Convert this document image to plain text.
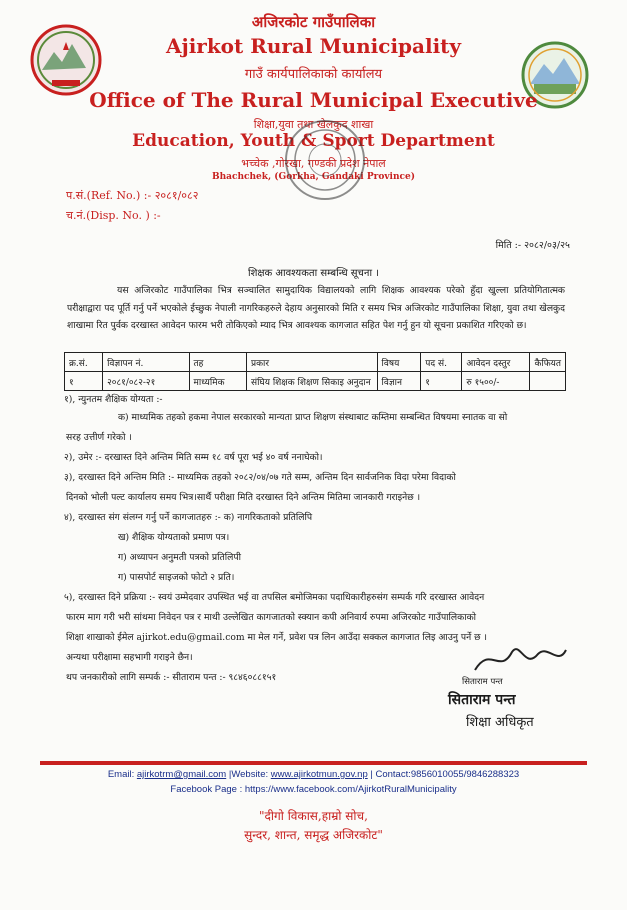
अजिरकोट गाउँपालिका
Ajirkot Rural Municipality
गाउँ कार्यपालिकाको कार्यालय
Office of The Rural Municipal Executive
शिक्षा,युवा तथा खेलकुद शाखा
Education, Youth & Sport Department
भच्चेक ,गोरखा, गण्डकी प्रदेश नेपाल
Bhachchek, (Gorkha, Gandaki Province)
प.सं.(Ref. No.) :- २०८१/०८२
च.नं.(Disp. No. ) :-
मिति :- २०८२/०३/२५
शिक्षक आवश्यकता सम्बन्धि सूचना ।
यस अजिरकोट गाउँपालिका भित्र सञ्चालित सामुदायिक विद्यालयको लागि शिक्षक आवश्यक परेको हुँदा खुल्ला प्रतियोगितात्मक परीक्षाद्वारा पद पूर्ति गर्नु पर्ने भएकोले ईच्छुक नेपाली नागरिकहरुले देहाय अनुसारको मिति र समय भित्र अजिरकोट गाउँपालिका शिक्षा, युवा तथा खेलकुद शाखामा रित पुर्वक दरखास्त आवेदन फारम भरी तोकिएको म्याद भित्र आवश्यक कागजात सहित पेश गर्नु हुन यो सूचना प्रकाशित गरिएको छ।
क्र.सं.	विज्ञापन नं.	तह	प्रकार	विषय	पद सं.	आवेदन दस्तुर	कैफियत
१	२०८१/०८२-२१	माध्यमिक	संघिय शिक्षक शिक्षण सिकाइ अनुदान	विज्ञान	१	रु १५००/-	
१), न्युनतम शैक्षिक योग्यता :-
क) माध्यमिक तहको हकमा नेपाल सरकारको मान्यता प्राप्त शिक्षण संस्थाबाट कम्तिमा सम्बन्धित विषयमा स्नातक वा सो
सरह उत्तीर्ण गरेको ।
२), उमेर :- दरखास्त दिने अन्तिम मिति सम्म १८ वर्ष पूरा भई ४० वर्ष ननाघेको।
३), दरखास्त दिने अन्तिम मिति :- माध्यमिक तहको २०८२/०४/०७ गते सम्म, अन्तिम दिन सार्वजनिक विदा परेमा विदाको
दिनको भोली पल्ट कार्यालय समय भित्र।सार्थै परीक्षा मिति दरखास्त दिने अन्तिम मितिमा जानकारी गराइनेछ ।
४), दरखास्त संग संलग्न गर्नु पर्ने कागजातहरु :- क) नागरिकताको प्रतिलिपि
ख) शैक्षिक योग्यताको प्रमाण पत्र।
ग) अध्यापन अनुमती पत्रको प्रतिलिपी
ग) पासपोर्ट साइजको फोटो २ प्रति।
५), दरखास्त दिने प्रक्रिया :- स्वयं उम्मेदवार उपस्थित भई वा तपसिल बमोजिमका पदाधिकारीहरुसंग सम्पर्क गरि दरखास्त आवेदन
फारम माग गरी भरी सांथमा निवेदन पत्र र माथी उल्लेखित कागजातको स्क्यान कपी अनिवार्य रुपमा अजिरकोट गाउँपालिकाको
शिक्षा शाखाको ईमेल ajirkot.edu@gmail.com मा मेल गर्ने, प्रवेश पत्र लिन आउँदा सक्कल कागजात लिइ आउनु पर्ने छ ।
अन्यथा परीक्षामा सहभागी गराइने छैन।
थप जनकारीको लागि सम्पर्क :- सीताराम पन्त :- ९८४६०८८१५१	सिताराम पन्त
सिताराम पन्त
शिक्षा अधिकृत
Email: ajirkotrm@gmail.com |Website: www.ajirkotmun.gov.np | Contact:9856010055/9846288323
Facebook Page : https://www.facebook.com/AjirkotRuralMunicipality
"दीगो विकास,हाम्रो सोच,
सुन्दर, शान्त, समृद्ध अजिरकोट"
